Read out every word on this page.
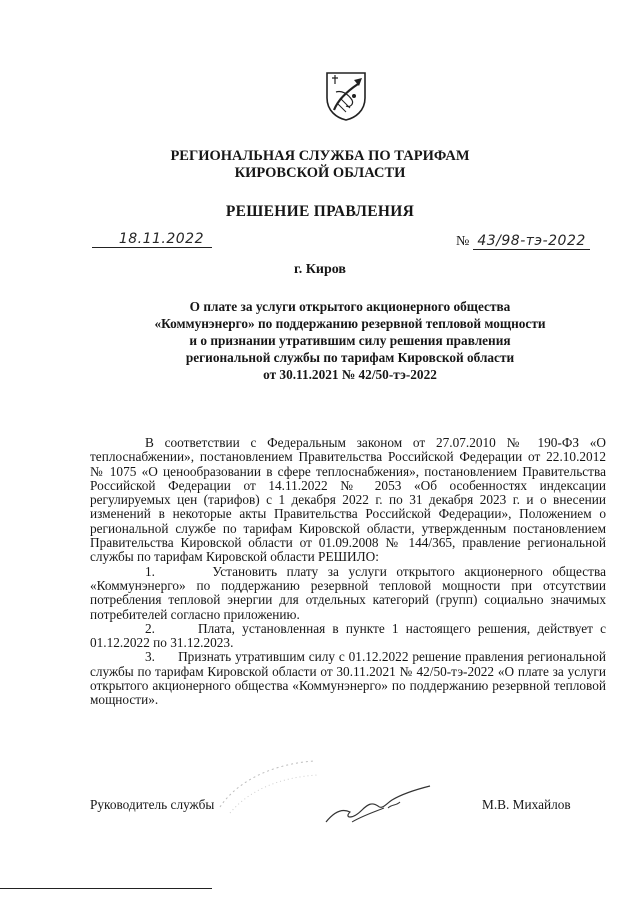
РЕГИОНАЛЬНАЯ СЛУЖБА ПО ТАРИФАМ
КИРОВСКОЙ ОБЛАСТИ
РЕШЕНИЕ ПРАВЛЕНИЯ
18.11.2022	№ 43/98-тэ-2022
г. Киров
О плате за услуги открытого акционерного общества
«Коммунэнерго» по поддержанию резервной тепловой мощности
и о признании утратившим силу решения правления
региональной службы по тарифам Кировской области
от 30.11.2021 № 42/50-тэ-2022

В соответствии с Федеральным законом от 27.07.2010 № 190-ФЗ «О теплоснабжении», постановлением Правительства Российской Федерации от 22.10.2012 № 1075 «О ценообразовании в сфере теплоснабжения», постановлением Правительства Российской Федерации от 14.11.2022 № 2053 «Об особенностях индексации регулируемых цен (тарифов) с 1 декабря 2022 г. по 31 декабря 2023 г. и о внесении изменений в некоторые акты Правительства Российской Федерации», Положением о региональной службе по тарифам Кировской области, утвержденным постановлением Правительства Кировской области от 01.09.2008 № 144/365, правление региональной службы по тарифам Кировской области РЕШИЛО:

1.      Установить плату за услуги открытого акционерного общества «Коммунэнерго» по поддержанию резервной тепловой мощности при отсутствии потребления тепловой энергии для отдельных категорий (групп) социально значимых потребителей согласно приложению.

2.      Плата, установленная в пункте 1 настоящего решения, действует с 01.12.2022 по 31.12.2023.

3.      Признать утратившим силу с 01.12.2022 решение правления региональной службы по тарифам Кировской области от 30.11.2021 № 42/50-тэ-2022 «О плате за услуги открытого акционерного общества «Коммунэнерго» по поддержанию резервной тепловой мощности».

Руководитель службы	М.В. Михайлов
